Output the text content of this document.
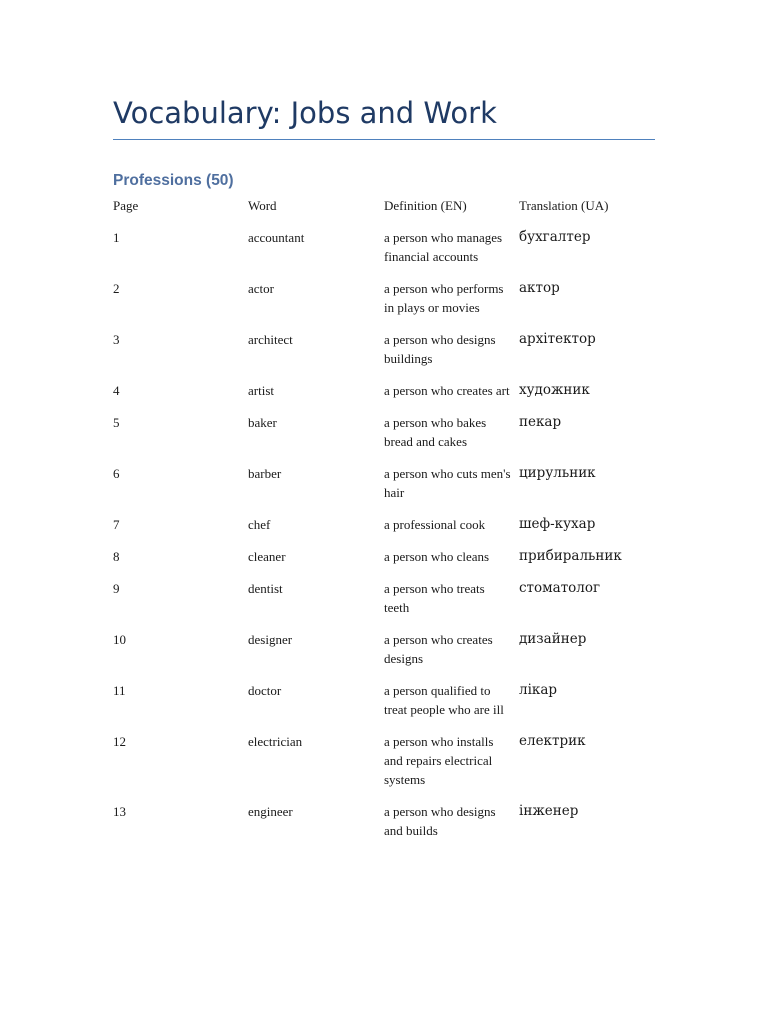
Vocabulary: Jobs and Work
Professions (50)
Page	Word	Definition (EN)	Translation (UA)
1	accountant	a person who manages financial accounts	бухгалтер
2	actor	a person who performs in plays or movies	актор
3	architect	a person who designs buildings	архітектор
4	artist	a person who creates art	художник
5	baker	a person who bakes bread and cakes	пекар
6	barber	a person who cuts men's hair	цирульник
7	chef	a professional cook	шеф-кухар
8	cleaner	a person who cleans	прибиральник
9	dentist	a person who treats teeth	стоматолог
10	designer	a person who creates designs	дизайнер
11	doctor	a person qualified to treat people who are ill	лікар
12	electrician	a person who installs and repairs electrical systems	електрик
13	engineer	a person who designs and builds	інженер
